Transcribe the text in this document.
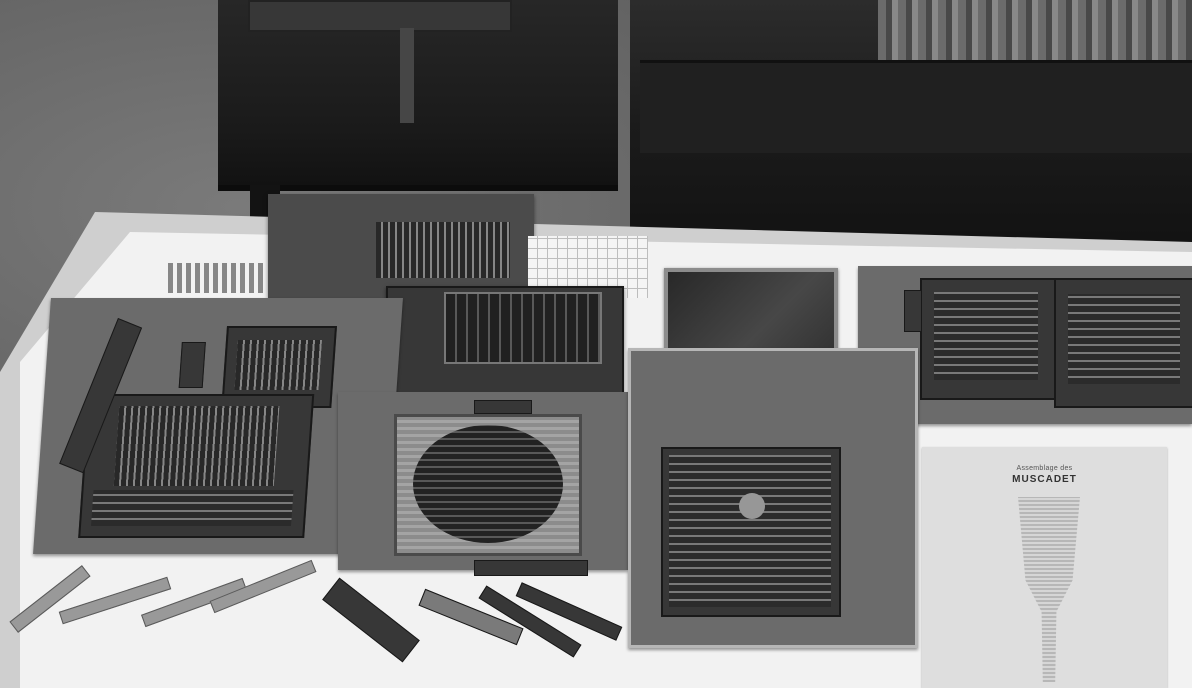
Assemblage des
MUSCADET
